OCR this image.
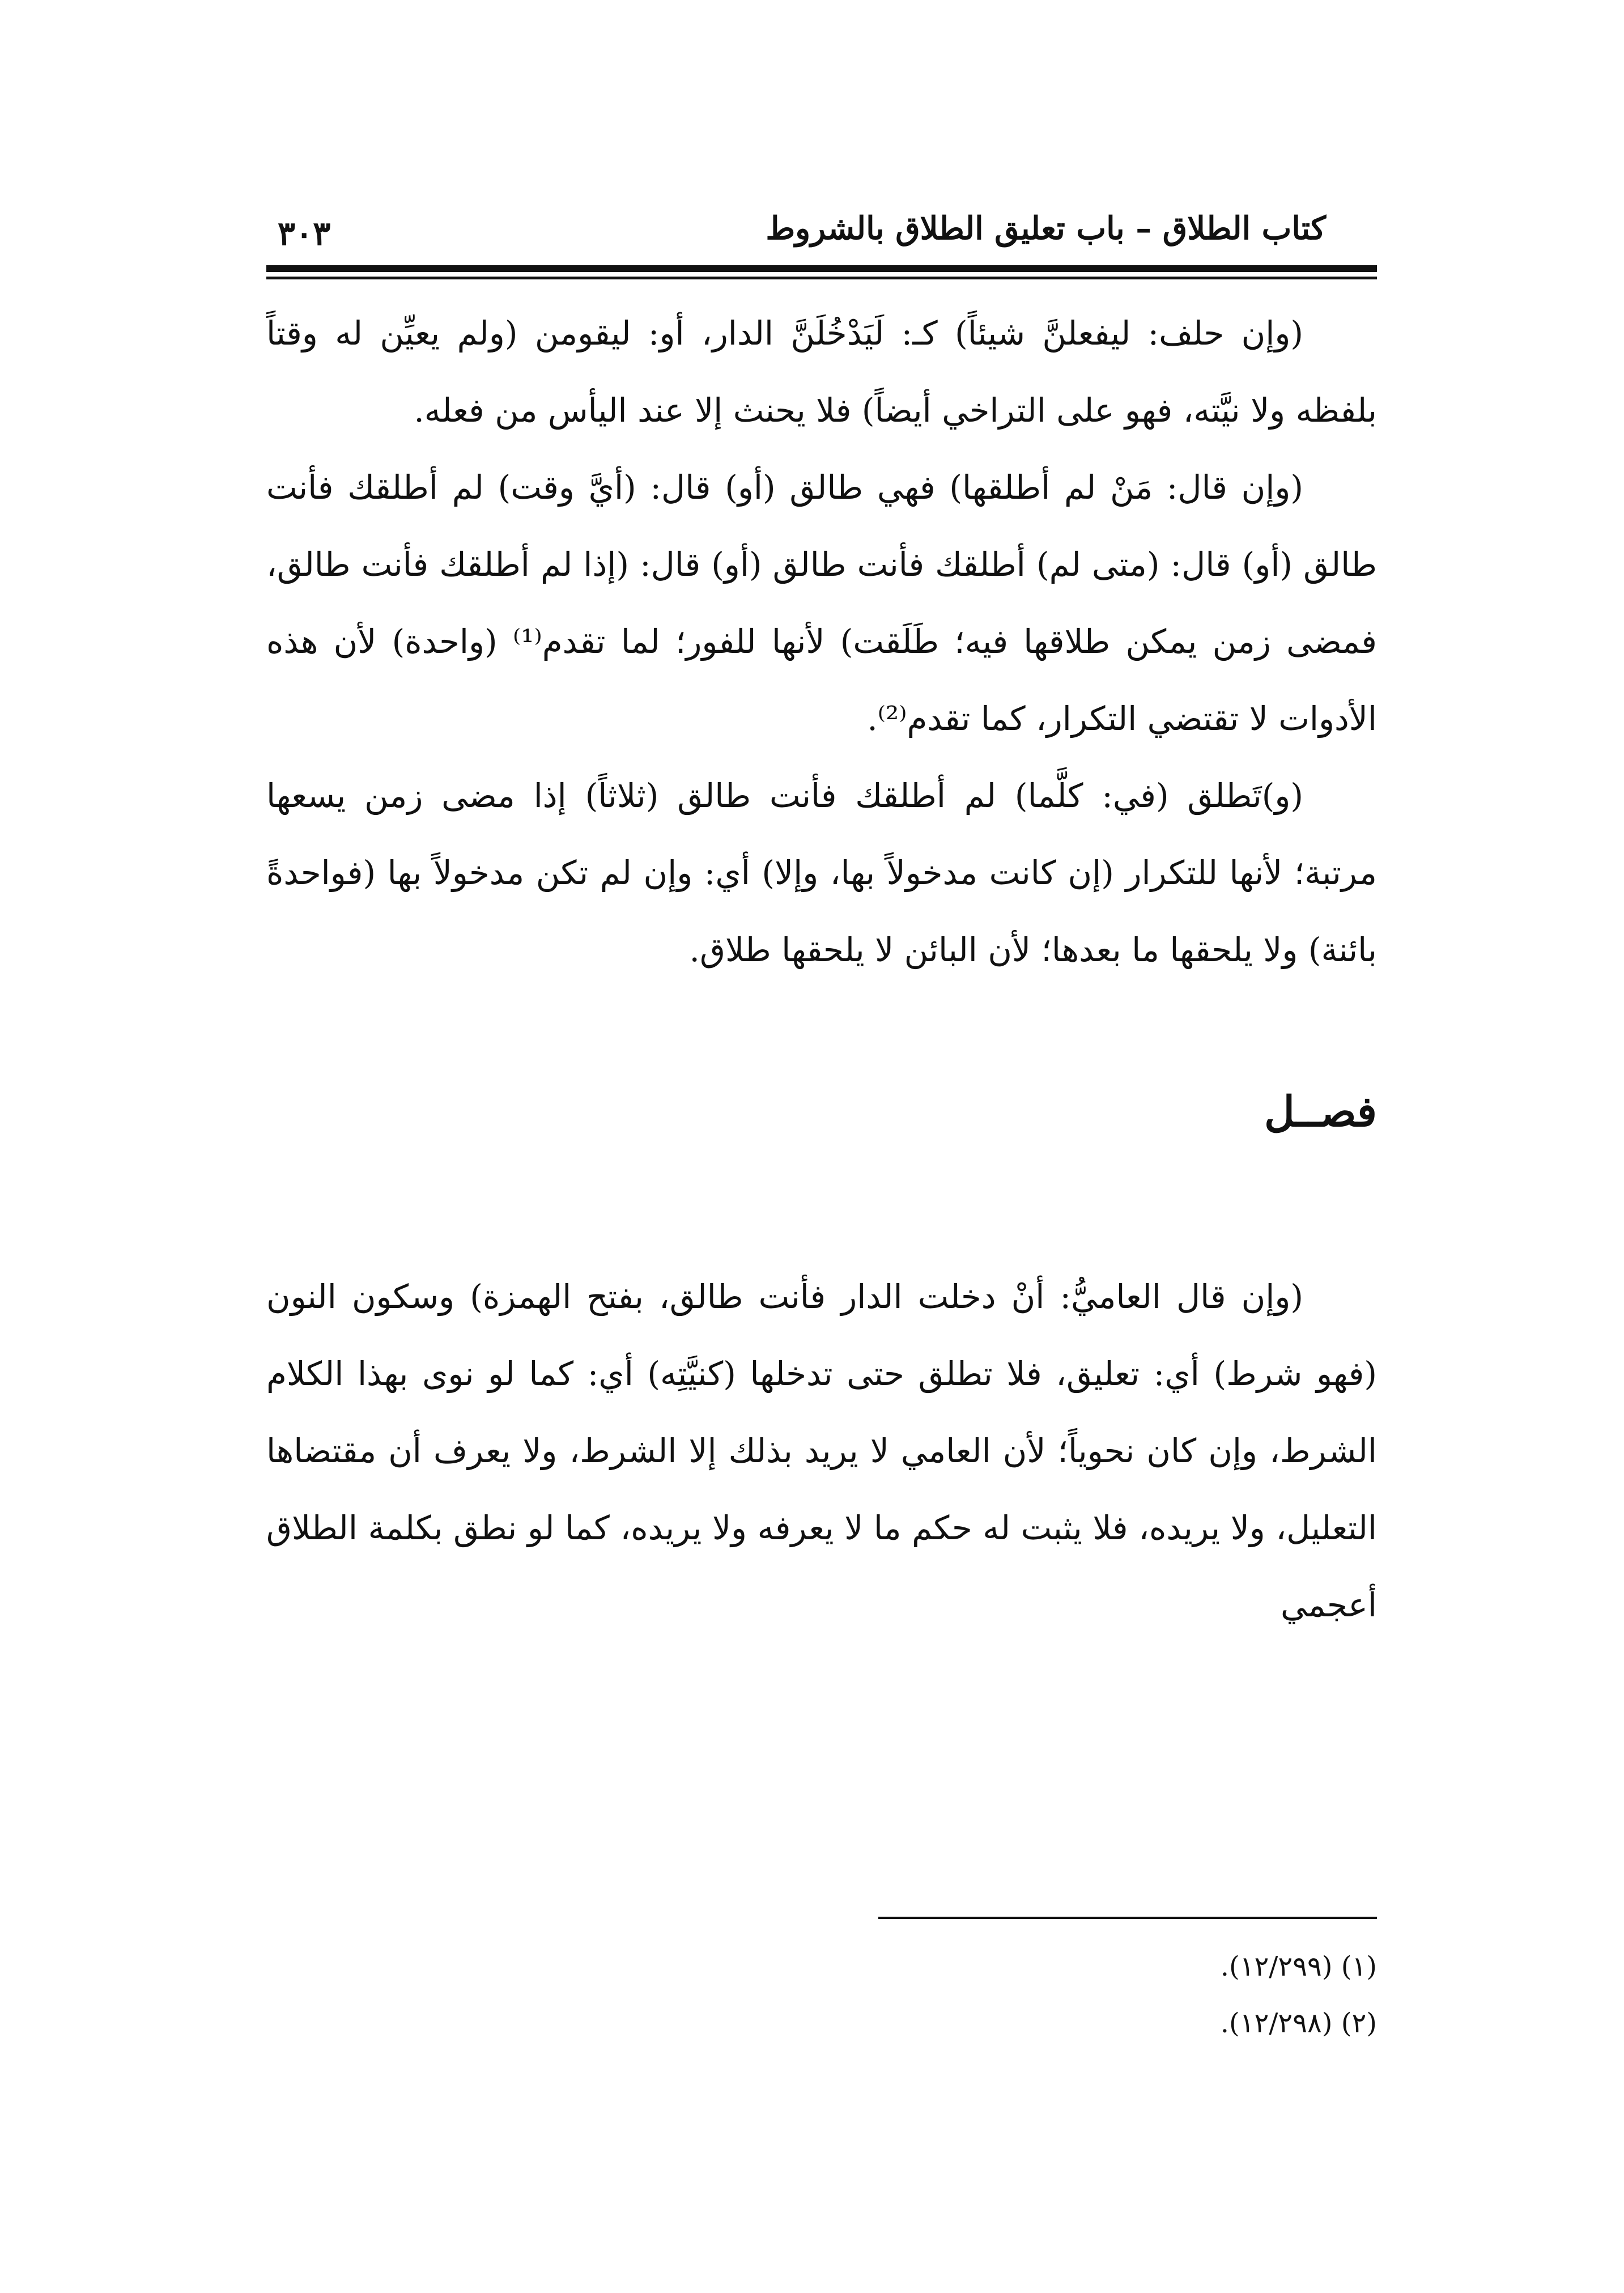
كتاب الطلاق – باب تعليق الطلاق بالشروط
٣٠٣

(وإن حلف: ليفعلنَّ شيئاً) كـ: لَيَدْخُلَنَّ الدار، أو: ليقومن (ولم يعيِّن له وقتاً بلفظه ولا نيَّته، فهو على التراخي أيضاً) فلا يحنث إلا عند اليأس من فعله.

(وإن قال: مَنْ لم أطلقها) فهي طالق (أو) قال: (أيَّ وقت) لم أطلقك فأنت طالق (أو) قال: (متى لم) أطلقك فأنت طالق (أو) قال: (إذا لم أطلقك فأنت طالق، فمضى زمن يمكن طلاقها فيه؛ طَلَقت) لأنها للفور؛ لما تقدم⁽¹⁾ (واحدة) لأن هذه الأدوات لا تقتضي التكرار، كما تقدم⁽²⁾.

(و)تَطلق (في: كلَّما) لم أطلقك فأنت طالق (ثلاثاً) إذا مضى زمن يسعها مرتبة؛ لأنها للتكرار (إن كانت مدخولاً بها، وإلا) أي: وإن لم تكن مدخولاً بها (فواحدةً بائنة) ولا يلحقها ما بعدها؛ لأن البائن لا يلحقها طلاق.

فصــل

(وإن قال العاميُّ: أنْ دخلت الدار فأنت طالق، بفتح الهمزة) وسكون النون (فهو شرط) أي: تعليق، فلا تطلق حتى تدخلها (كنيَّتِه) أي: كما لو نوى بهذا الكلام الشرط، وإن كان نحوياً؛ لأن العامي لا يريد بذلك إلا الشرط، ولا يعرف أن مقتضاها التعليل، ولا يريده، فلا يثبت له حكم ما لا يعرفه ولا يريده، كما لو نطق بكلمة الطلاق أعجمي

(١) (١٢/٢٩٩).
(٢) (١٢/٢٩٨).
